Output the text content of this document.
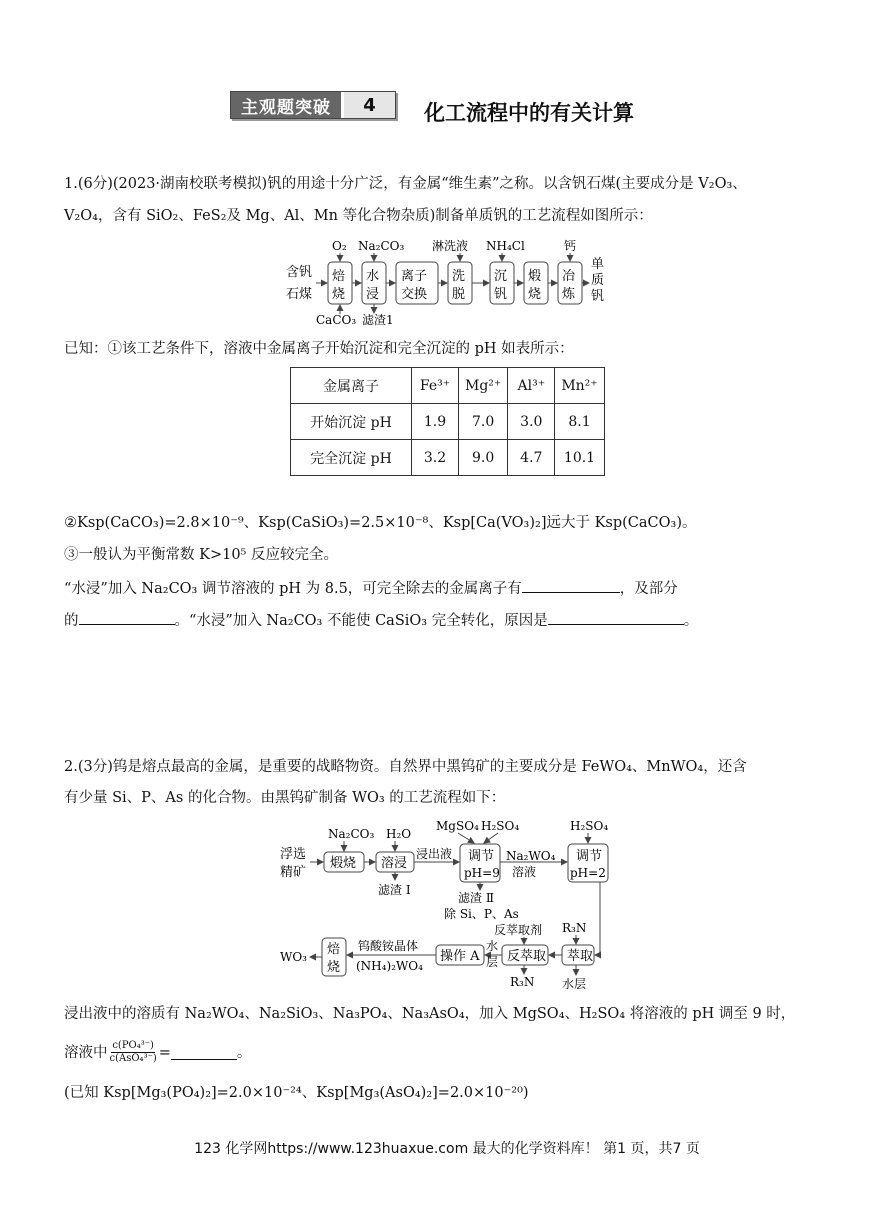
主观题突破	4	化工流程中的有关计算
1.(6分)(2023·湖南校联考模拟)钒的用途十分广泛，有金属“维生素”之称。以含钒石煤(主要成分是 V₂O₃、
V₂O₄，含有 SiO₂、FeS₂及 Mg、Al、Mn 等化合物杂质)制备单质钒的工艺流程如图所示：
含钒
石煤
焙
烧
水
浸
离子
交换
洗
脱
沉
钒
煅
烧
冶
炼
O₂ Na₂CO₃ 淋洗液 NH₄Cl	钙
CaCO₃ 滤渣1
单
质
钒
已知：①该工艺条件下，溶液中金属离子开始沉淀和完全沉淀的 pH 如表所示：
金属离子	Fe³⁺	Mg²⁺	Al³⁺	Mn²⁺
开始沉淀 pH	1.9	7.0	3.0	8.1
完全沉淀 pH	3.2	9.0	4.7	10.1
②Ksp(CaCO₃)=2.8×10⁻⁹、Ksp(CaSiO₃)=2.5×10⁻⁸、Ksp[Ca(VO₃)₂]远大于 Ksp(CaCO₃)。
③一般认为平衡常数 K>10⁵ 反应较完全。
“水浸”加入 Na₂CO₃ 调节溶液的 pH 为 8.5，可完全除去的金属离子有	，及部分
的	。“水浸”加入 Na₂CO₃ 不能使 CaSiO₃ 完全转化，原因是	。
2.(3分)钨是熔点最高的金属，是重要的战略物资。自然界中黑钨矿的主要成分是 FeWO₄、MnWO₄，还含
有少量 Si、P、As 的化合物。由黑钨矿制备 WO₃ 的工艺流程如下：
浮选
精矿
煅烧 溶浸
浸出液 调节
pH=9
Na₂WO₄
溶液
调节
pH=2
Na₂CO₃ H₂O
MgSO₄ H₂SO₄	H₂SO₄
滤渣 I
滤渣 Ⅱ
除 Si、P、As
萃取
R₃N
水层
反萃取
反萃取剂
R₃N
水
层
操作 A
钨酸铵晶体
(NH₄)₂WO₄
焙
烧
WO₃
浸出液中的溶质有 Na₂WO₄、Na₂SiO₃、Na₃PO₄、Na₃AsO₄，加入 MgSO₄、H₂SO₄ 将溶液的 pH 调至 9 时，
溶液中 c(PO₄³⁻)
c(AsO₄³⁻) =	。
(已知 Ksp[Mg₃(PO₄)₂]=2.0×10⁻²⁴、Ksp[Mg₃(AsO₄)₂]=2.0×10⁻²⁰)
123 化学网https://www.123huaxue.com 最大的化学资料库！ 第1 页，共7 页
